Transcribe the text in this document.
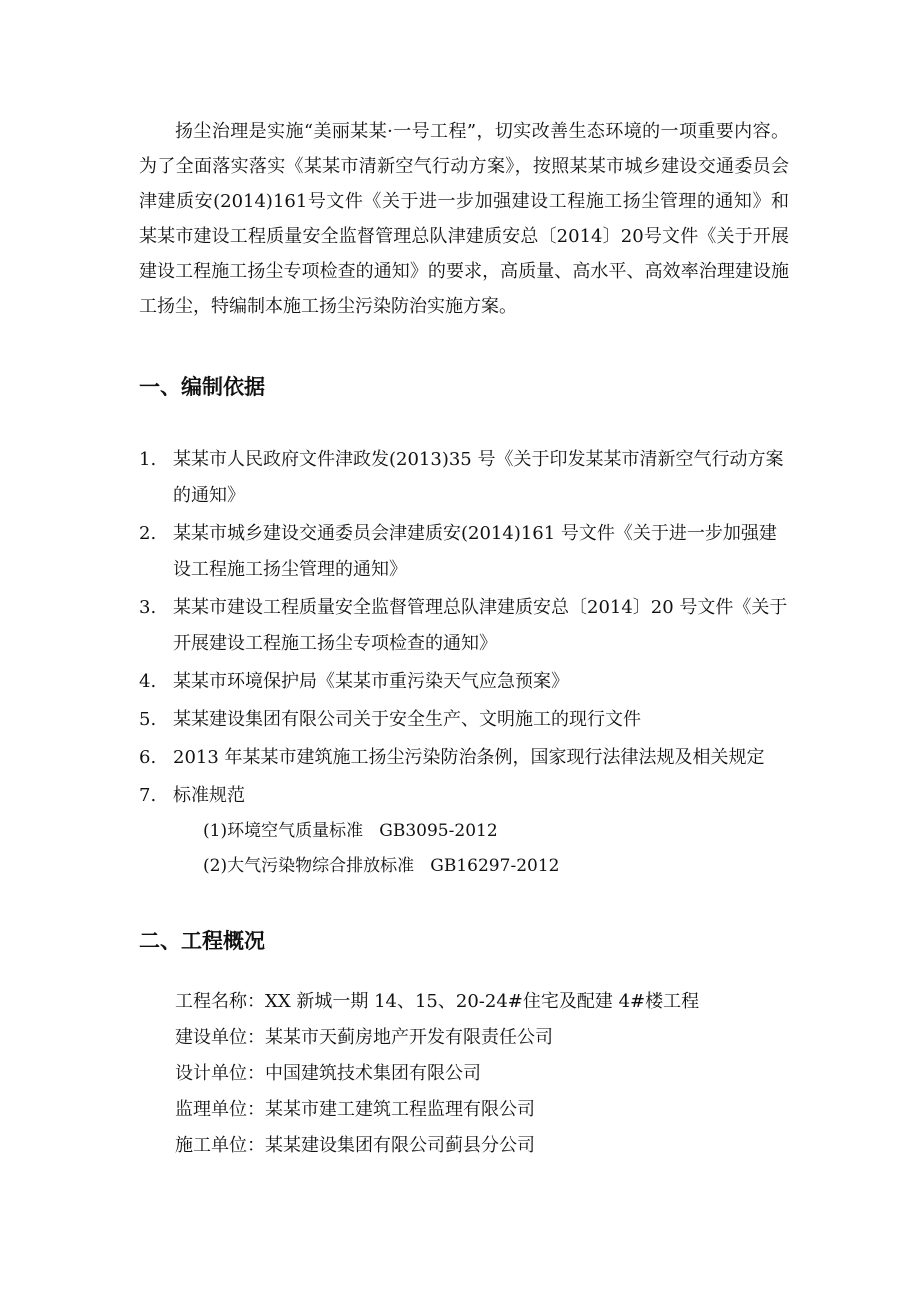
扬尘治理是实施“美丽某某·一号工程”，切实改善生态环境的一项重要内容。为了全面落实落实《某某市清新空气行动方案》，按照某某市城乡建设交通委员会津建质安(2014)161号文件《关于进一步加强建设工程施工扬尘管理的通知》和某某市建设工程质量安全监督管理总队津建质安总〔2014〕20号文件《关于开展建设工程施工扬尘专项检查的通知》的要求，高质量、高水平、高效率治理建设施工扬尘，特编制本施工扬尘污染防治实施方案。

一、编制依据
1. 某某市人民政府文件津政发(2013)35 号《关于印发某某市清新空气行动方案的通知》
2. 某某市城乡建设交通委员会津建质安(2014)161 号文件《关于进一步加强建设工程施工扬尘管理的通知》
3. 某某市建设工程质量安全监督管理总队津建质安总〔2014〕20 号文件《关于开展建设工程施工扬尘专项检查的通知》
4. 某某市环境保护局《某某市重污染天气应急预案》
5. 某某建设集团有限公司关于安全生产、文明施工的现行文件
6. 2013 年某某市建筑施工扬尘污染防治条例，国家现行法律法规及相关规定
7. 标准规范
(1)环境空气质量标准   GB3095-2012
(2)大气污染物综合排放标准   GB16297-2012
二、工程概况
工程名称：XX 新城一期 14、15、20-24#住宅及配建 4#楼工程
建设单位：某某市天蓟房地产开发有限责任公司
设计单位：中国建筑技术集团有限公司
监理单位：某某市建工建筑工程监理有限公司
施工单位：某某建设集团有限公司蓟县分公司
